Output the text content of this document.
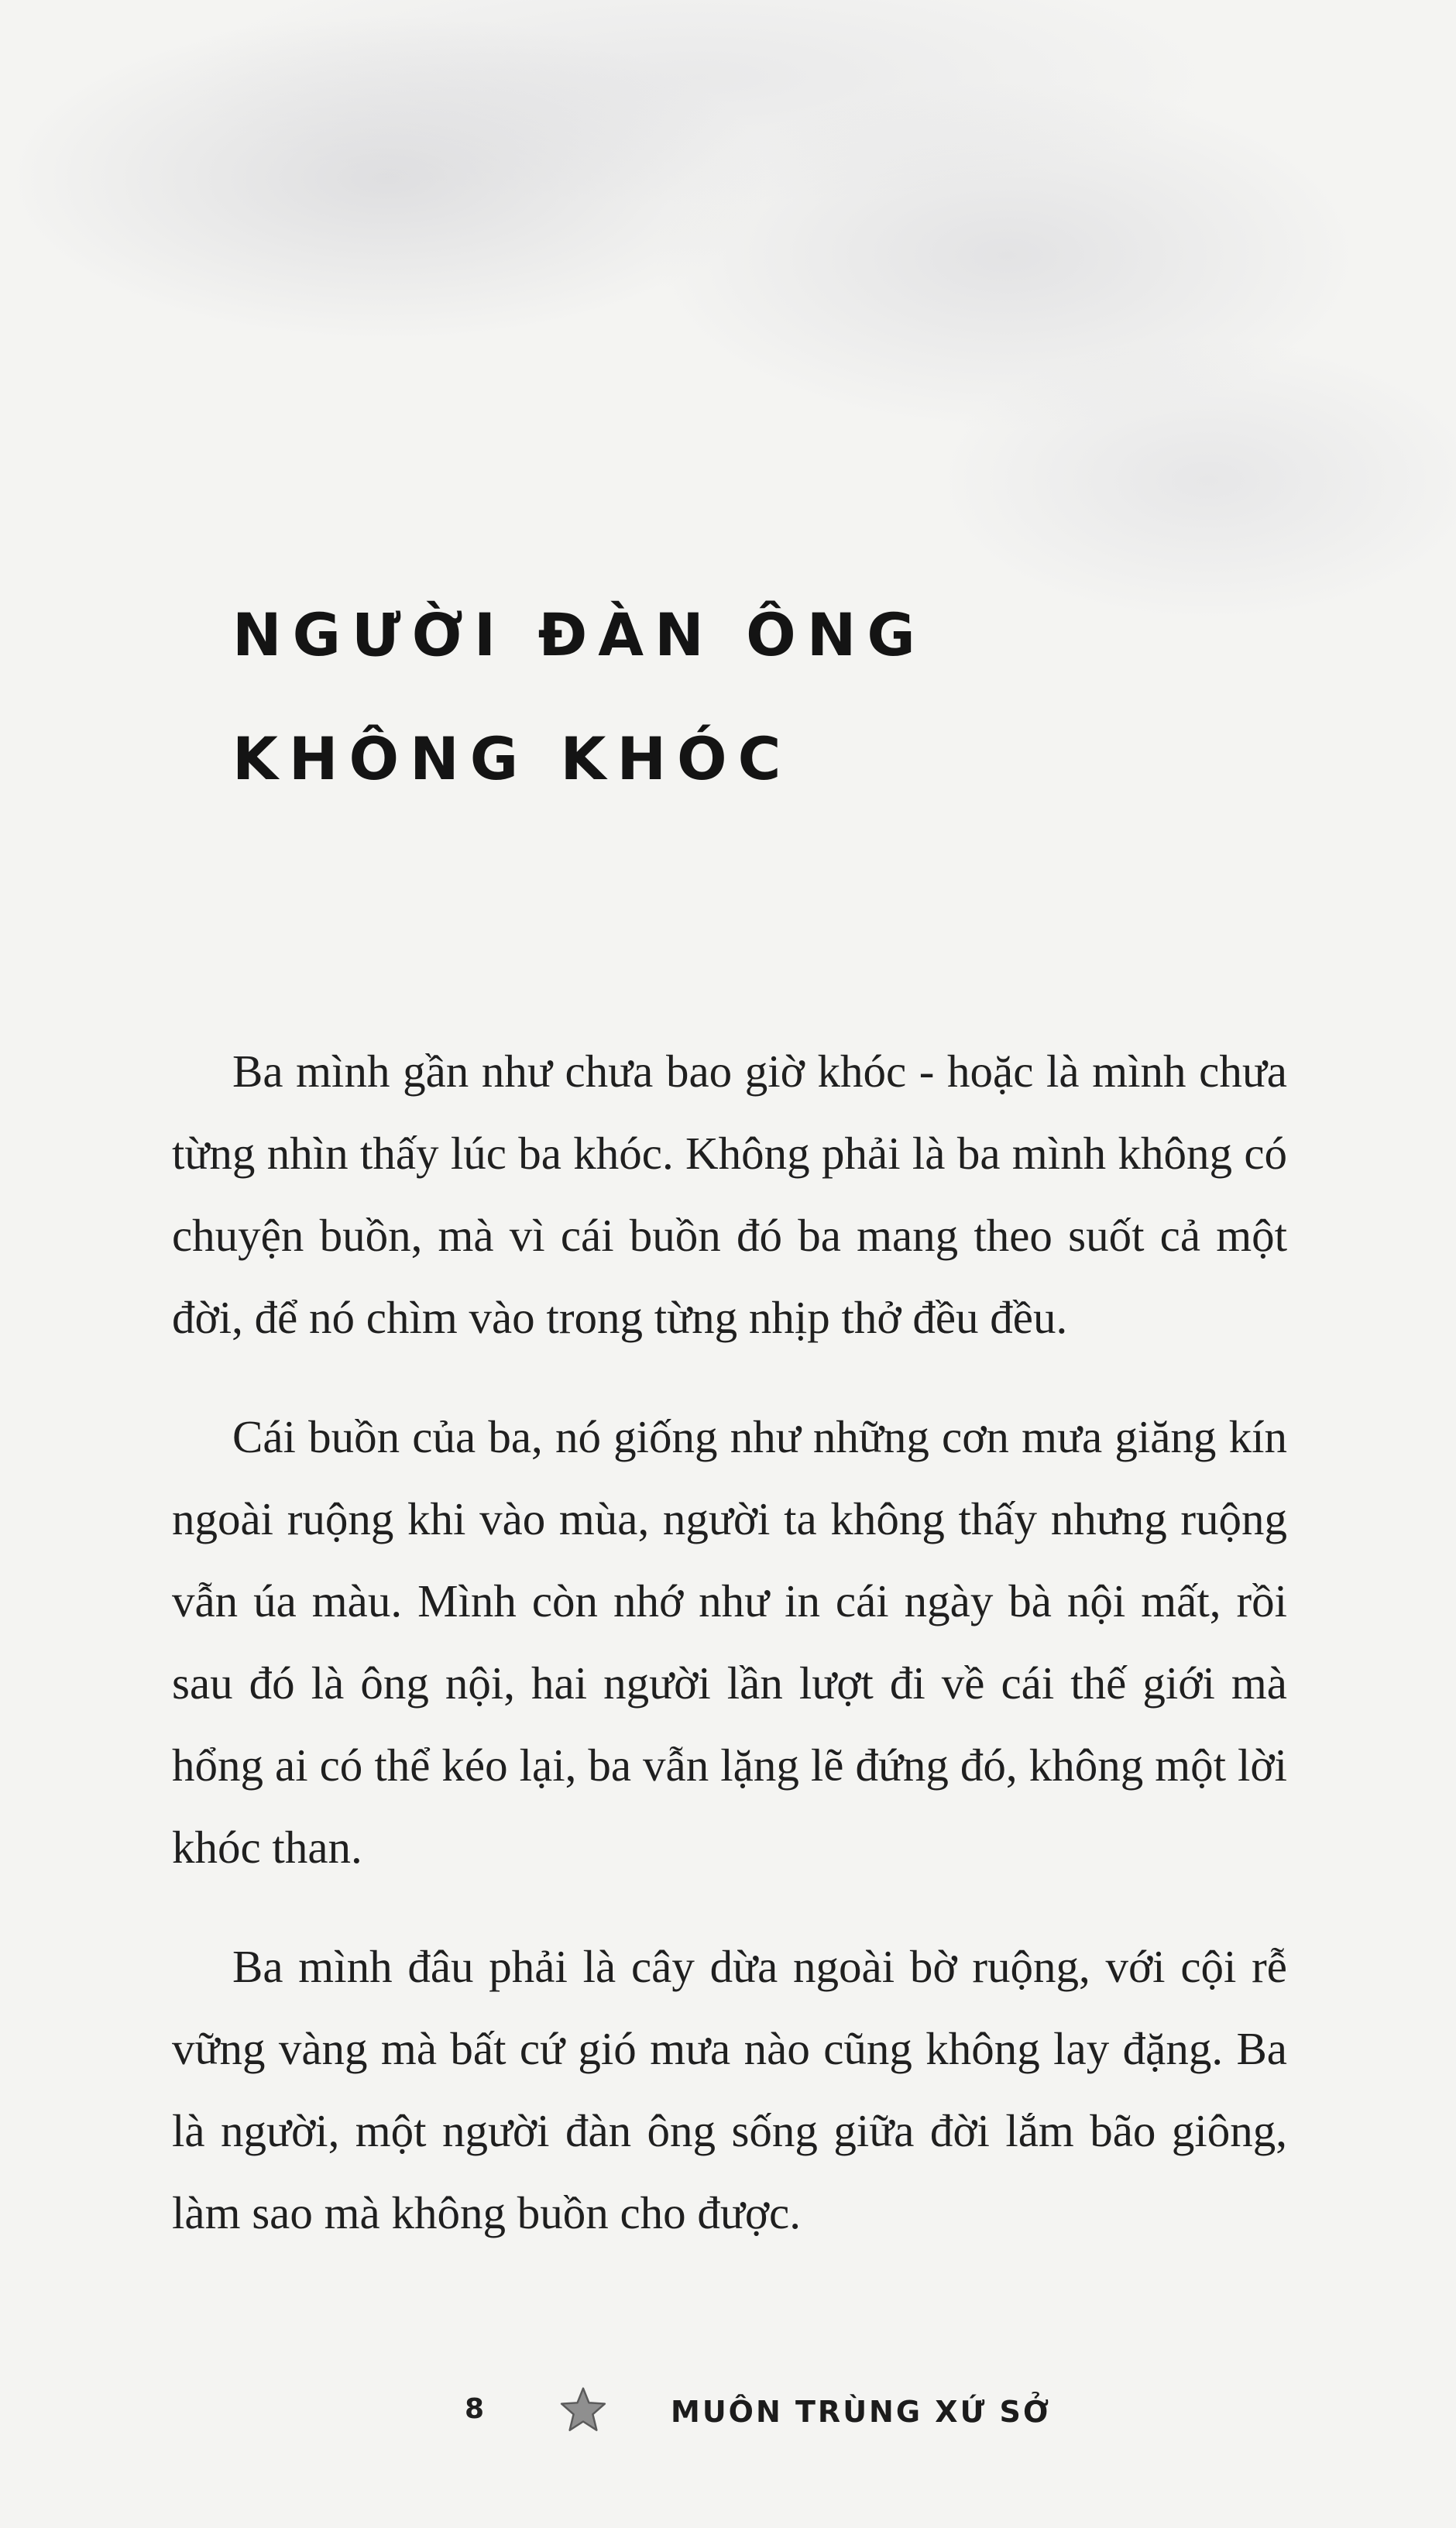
NGƯỜI ĐÀN ÔNG
KHÔNG KHÓC

Ba mình gần như chưa bao giờ khóc - hoặc là mình chưa từng nhìn thấy lúc ba khóc. Không phải là ba mình không có chuyện buồn, mà vì cái buồn đó ba mang theo suốt cả một đời, để nó chìm vào trong từng nhịp thở đều đều.

Cái buồn của ba, nó giống như những cơn mưa giăng kín ngoài ruộng khi vào mùa, người ta không thấy nhưng ruộng vẫn úa màu. Mình còn nhớ như in cái ngày bà nội mất, rồi sau đó là ông nội, hai người lần lượt đi về cái thế giới mà hổng ai có thể kéo lại, ba vẫn lặng lẽ đứng đó, không một lời khóc than.

Ba mình đâu phải là cây dừa ngoài bờ ruộng, với cội rễ vững vàng mà bất cứ gió mưa nào cũng không lay đặng. Ba là người, một người đàn ông sống giữa đời lắm bão giông, làm sao mà không buồn cho được.

8	MUÔN TRÙNG XỨ SỞ
